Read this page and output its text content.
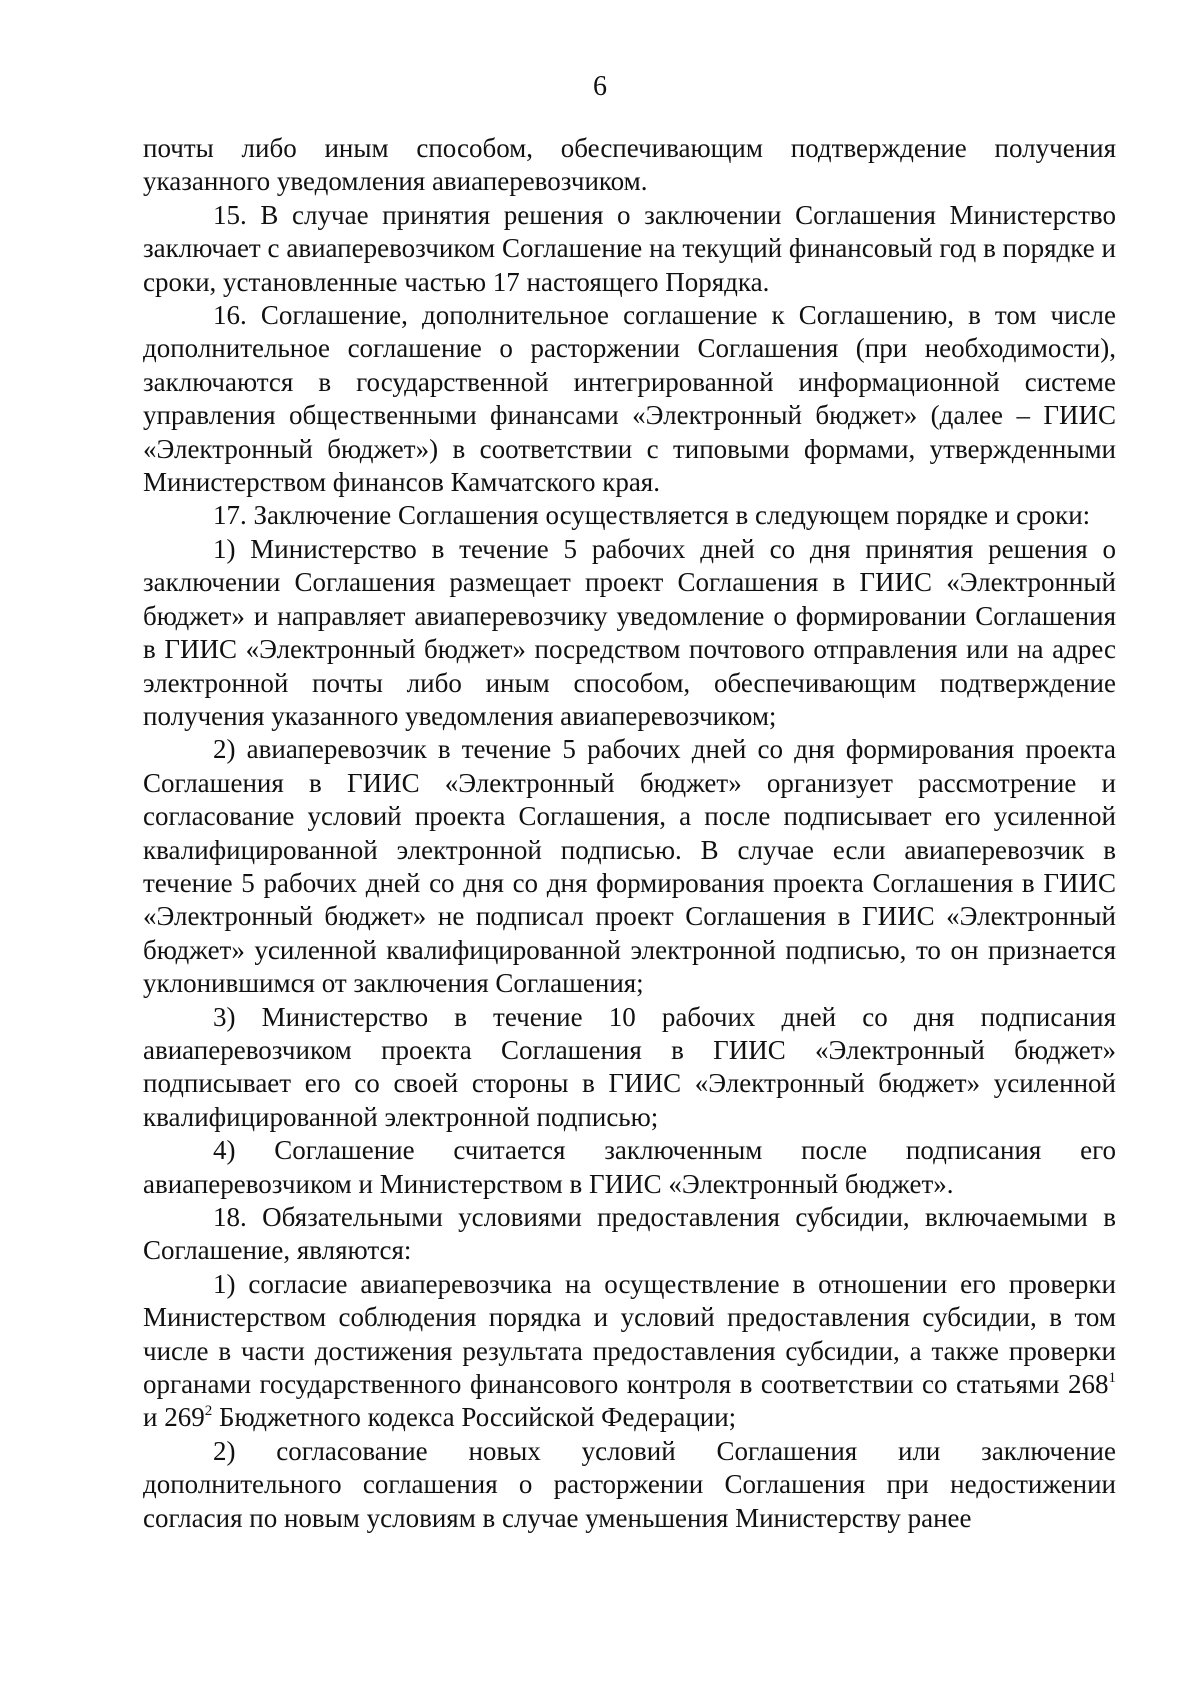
6

почты либо иным способом, обеспечивающим подтверждение получения указанного уведомления авиаперевозчиком.

15. В случае принятия решения о заключении Соглашения Министерство заключает с авиаперевозчиком Соглашение на текущий финансовый год в порядке и сроки, установленные частью 17 настоящего Порядка.

16. Соглашение, дополнительное соглашение к Соглашению, в том числе дополнительное соглашение о расторжении Соглашения (при необходимости), заключаются в государственной интегрированной информационной системе управления общественными финансами «Электронный бюджет» (далее – ГИИС «Электронный бюджет») в соответствии с типовыми формами, утвержденными Министерством финансов Камчатского края.

17. Заключение Соглашения осуществляется в следующем порядке и сроки:

1) Министерство в течение 5 рабочих дней со дня принятия решения о заключении Соглашения размещает проект Соглашения в ГИИС «Электронный бюджет» и направляет авиаперевозчику уведомление о формировании Соглашения в ГИИС «Электронный бюджет» посредством почтового отправления или на адрес электронной почты либо иным способом, обеспечивающим подтверждение получения указанного уведомления авиаперевозчиком;

2) авиаперевозчик в течение 5 рабочих дней со дня формирования проекта Соглашения в ГИИС «Электронный бюджет» организует рассмотрение и согласование условий проекта Соглашения, а после подписывает его усиленной квалифицированной электронной подписью. В случае если авиаперевозчик в течение 5 рабочих дней со дня со дня формирования проекта Соглашения в ГИИС «Электронный бюджет» не подписал проект Соглашения в ГИИС «Электронный бюджет» усиленной квалифицированной электронной подписью, то он признается уклонившимся от заключения Соглашения;

3) Министерство в течение 10 рабочих дней со дня подписания авиаперевозчиком проекта Соглашения в ГИИС «Электронный бюджет» подписывает его со своей стороны в ГИИС «Электронный бюджет» усиленной квалифицированной электронной подписью;

4) Соглашение считается заключенным после подписания его авиаперевозчиком и Министерством в ГИИС «Электронный бюджет».

18. Обязательными условиями предоставления субсидии, включаемыми в Соглашение, являются:

1) согласие авиаперевозчика на осуществление в отношении его проверки Министерством соблюдения порядка и условий предоставления субсидии, в том числе в части достижения результата предоставления субсидии, а также проверки органами государственного финансового контроля в соответствии со статьями $268^1$ и $269^2$ Бюджетного кодекса Российской Федерации;

2) согласование новых условий Соглашения или заключение дополнительного соглашения о расторжении Соглашения при недостижении согласия по новым условиям в случае уменьшения Министерству ранее
